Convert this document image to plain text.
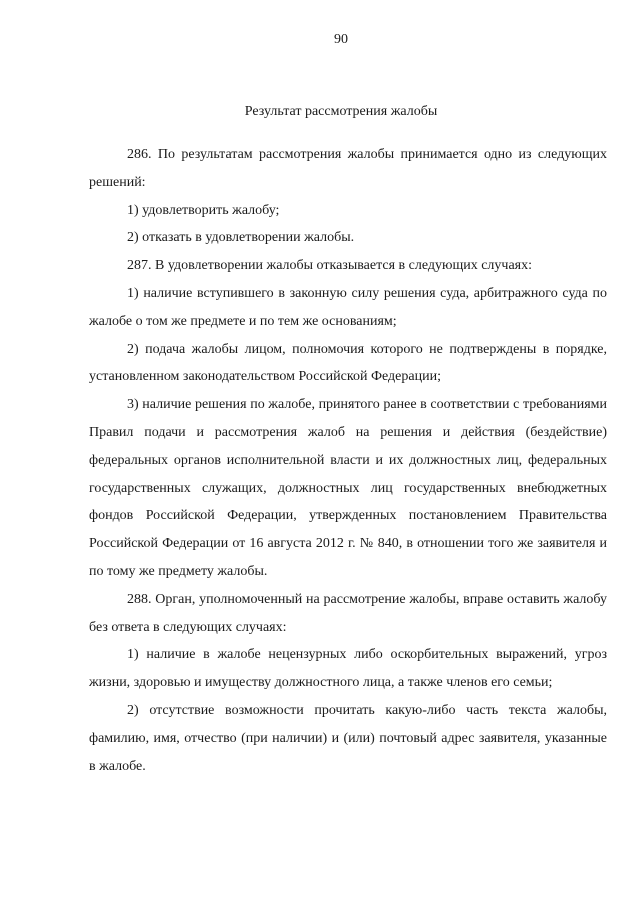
90
Результат рассмотрения жалобы

286. По результатам рассмотрения жалобы принимается одно из следующих решений:

1) удовлетворить жалобу;

2) отказать в удовлетворении жалобы.

287. В удовлетворении жалобы отказывается в следующих случаях:

1) наличие вступившего в законную силу решения суда, арбитражного суда по жалобе о том же предмете и по тем же основаниям;

2) подача жалобы лицом, полномочия которого не подтверждены в порядке, установленном законодательством Российской Федерации;

3) наличие решения по жалобе, принятого ранее в соответствии с требованиями Правил подачи и рассмотрения жалоб на решения и действия (бездействие) федеральных органов исполнительной власти и их должностных лиц, федеральных государственных служащих, должностных лиц государственных внебюджетных фондов Российской Федерации, утвержденных постановлением Правительства Российской Федерации от 16 августа 2012 г. № 840, в отношении того же заявителя и по тому же предмету жалобы.

288. Орган, уполномоченный на рассмотрение жалобы, вправе оставить жалобу без ответа в следующих случаях:

1) наличие в жалобе нецензурных либо оскорбительных выражений, угроз жизни, здоровью и имуществу должностного лица, а также членов его семьи;

2) отсутствие возможности прочитать какую-либо часть текста жалобы, фамилию, имя, отчество (при наличии) и (или) почтовый адрес заявителя, указанные в жалобе.
